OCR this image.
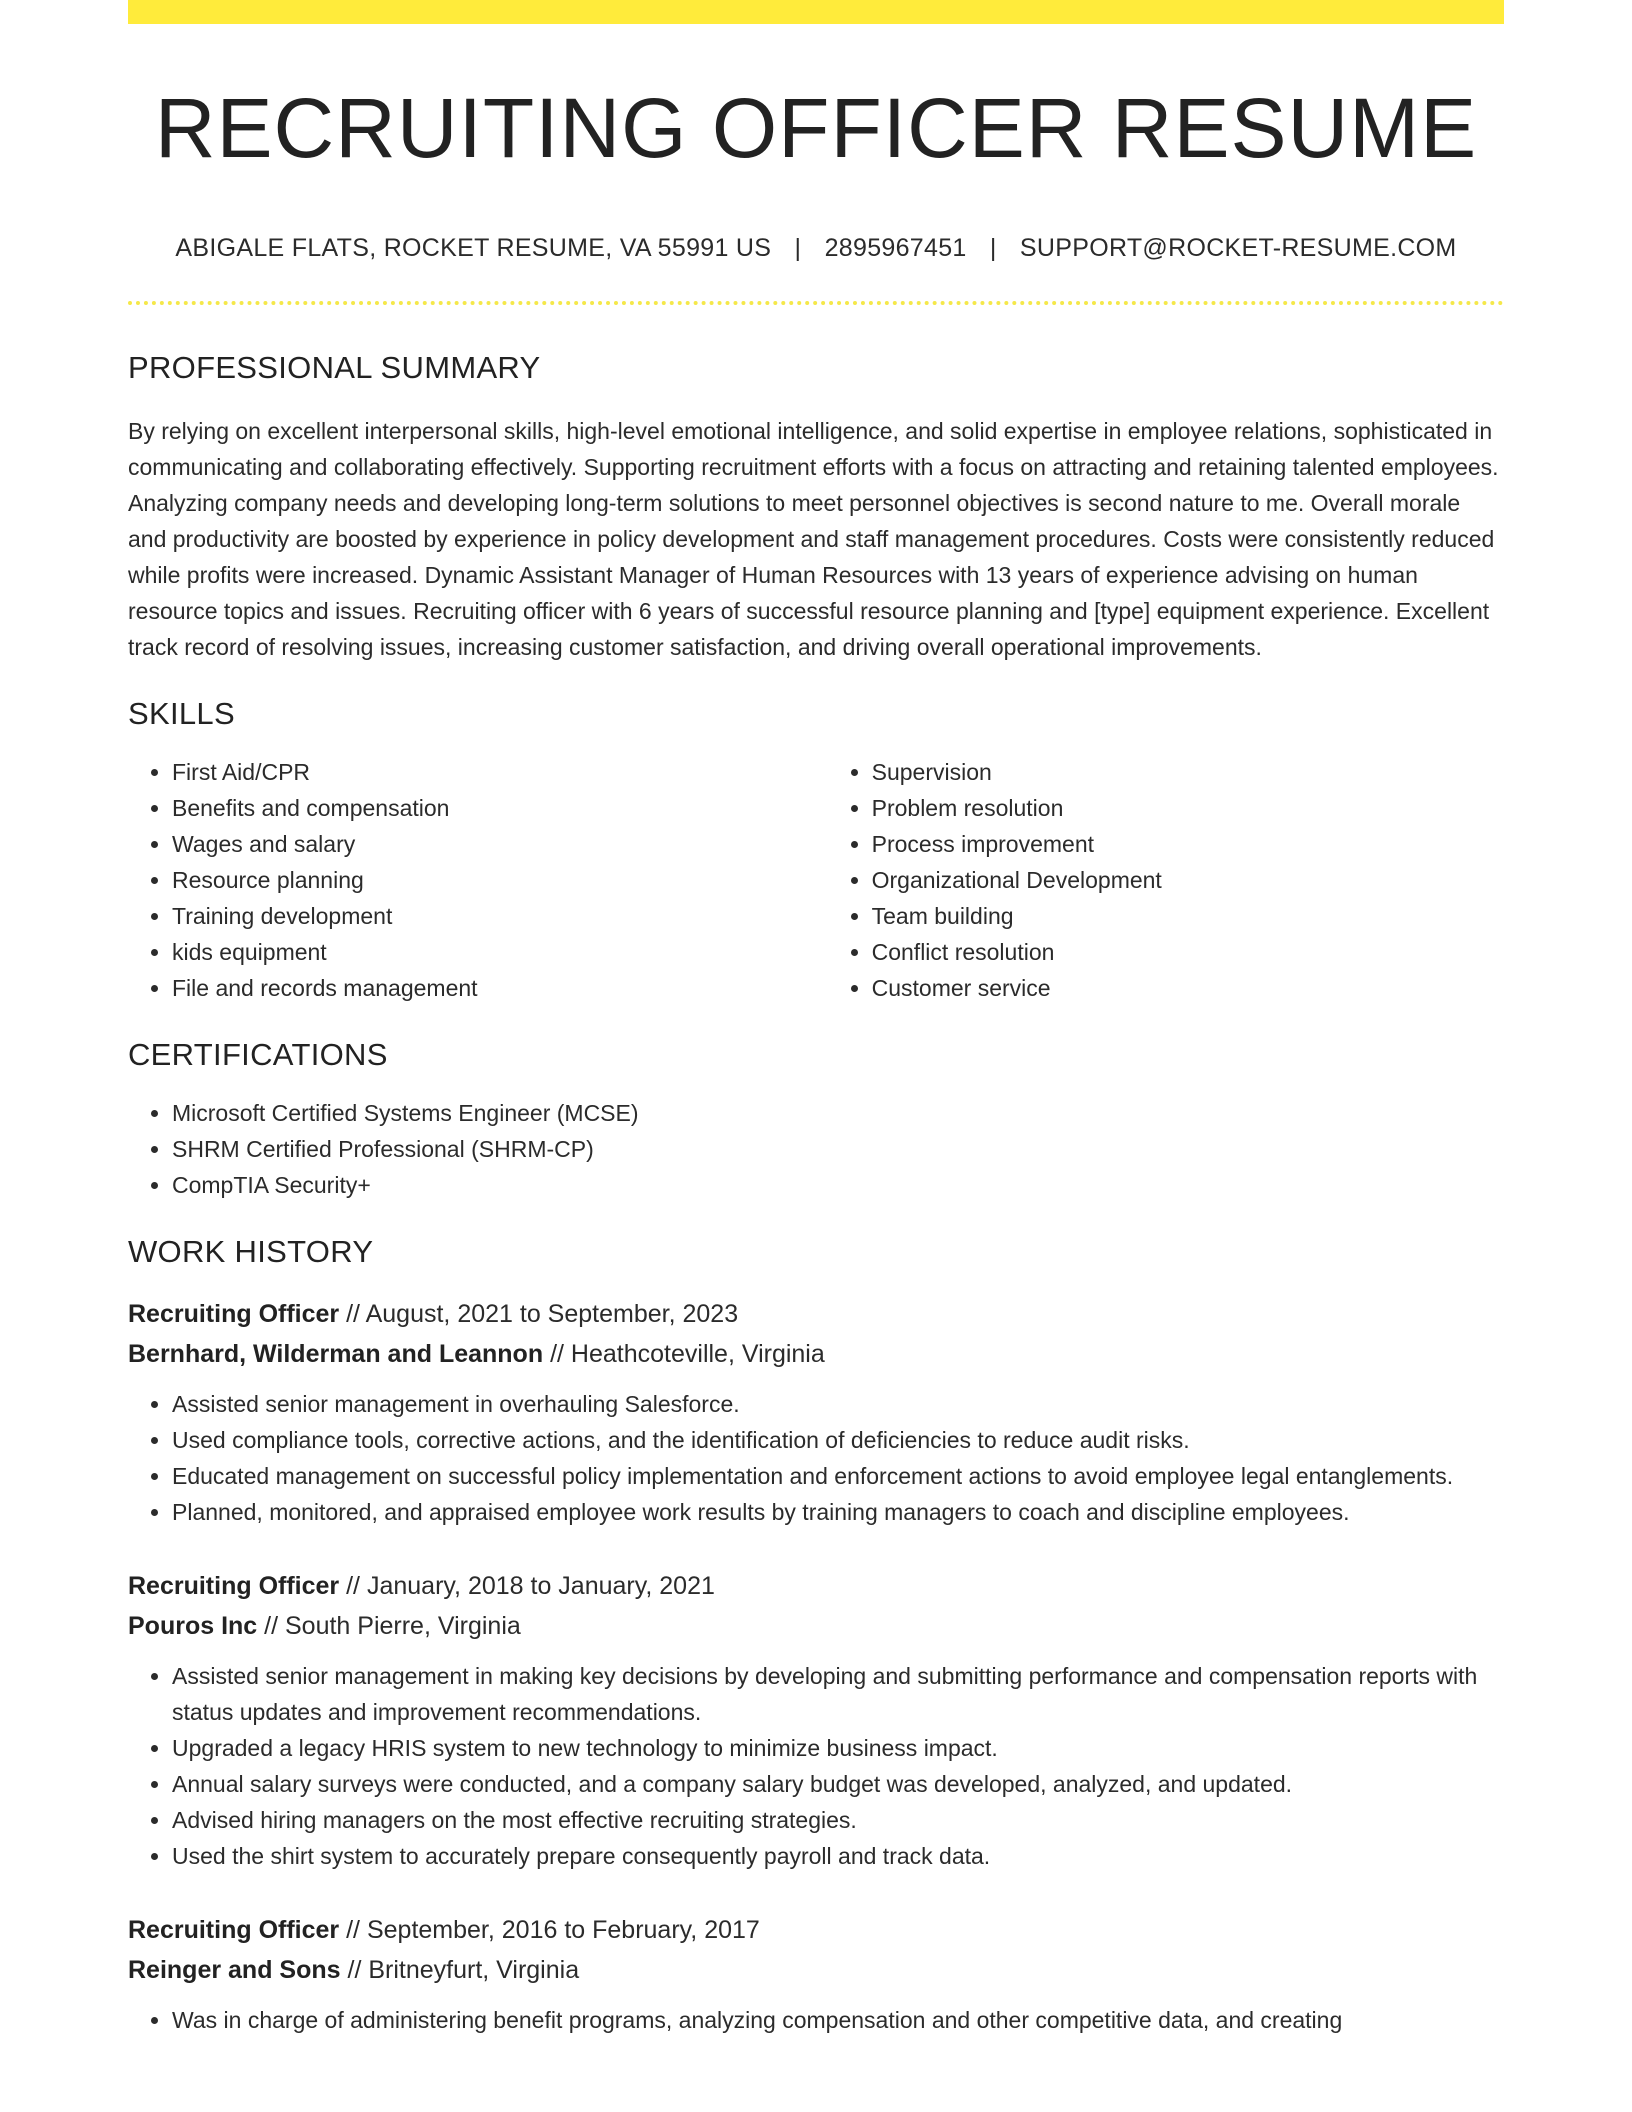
RECRUITING OFFICER RESUME
ABIGALE FLATS, ROCKET RESUME, VA 55991 US | 2895967451 | SUPPORT@ROCKET-RESUME.COM
PROFESSIONAL SUMMARY
By relying on excellent interpersonal skills, high-level emotional intelligence, and solid expertise in employee relations, sophisticated in communicating and collaborating effectively. Supporting recruitment efforts with a focus on attracting and retaining talented employees. Analyzing company needs and developing long-term solutions to meet personnel objectives is second nature to me. Overall morale and productivity are boosted by experience in policy development and staff management procedures. Costs were consistently reduced while profits were increased. Dynamic Assistant Manager of Human Resources with 13 years of experience advising on human resource topics and issues. Recruiting officer with 6 years of successful resource planning and [type] equipment experience. Excellent track record of resolving issues, increasing customer satisfaction, and driving overall operational improvements.
SKILLS
• First Aid/CPR
• Benefits and compensation
• Wages and salary
• Resource planning
• Training development
• kids equipment
• File and records management
• Supervision
• Problem resolution
• Process improvement
• Organizational Development
• Team building
• Conflict resolution
• Customer service
CERTIFICATIONS
• Microsoft Certified Systems Engineer (MCSE)
• SHRM Certified Professional (SHRM-CP)
• CompTIA Security+
WORK HISTORY
Recruiting Officer // August, 2021 to September, 2023
Bernhard, Wilderman and Leannon // Heathcoteville, Virginia
• Assisted senior management in overhauling Salesforce.
• Used compliance tools, corrective actions, and the identification of deficiencies to reduce audit risks.
• Educated management on successful policy implementation and enforcement actions to avoid employee legal entanglements.
• Planned, monitored, and appraised employee work results by training managers to coach and discipline employees.
Recruiting Officer // January, 2018 to January, 2021
Pouros Inc // South Pierre, Virginia
• Assisted senior management in making key decisions by developing and submitting performance and compensation reports with status updates and improvement recommendations.
• Upgraded a legacy HRIS system to new technology to minimize business impact.
• Annual salary surveys were conducted, and a company salary budget was developed, analyzed, and updated.
• Advised hiring managers on the most effective recruiting strategies.
• Used the shirt system to accurately prepare consequently payroll and track data.
Recruiting Officer // September, 2016 to February, 2017
Reinger and Sons // Britneyfurt, Virginia
• Was in charge of administering benefit programs, analyzing compensation and other competitive data, and creating
